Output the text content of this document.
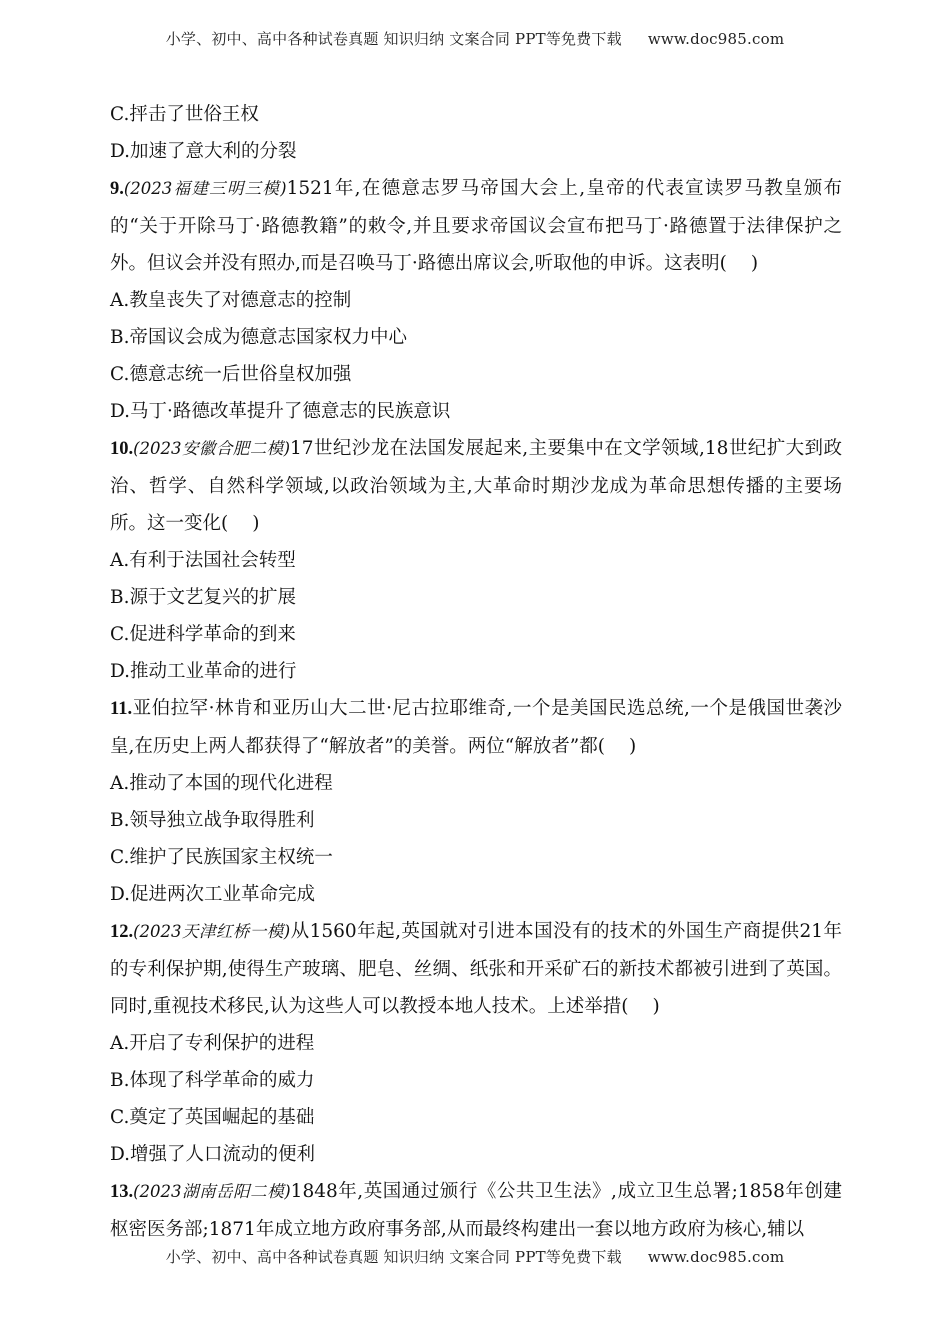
小学、初中、高中各种试卷真题 知识归纳 文案合同 PPT等免费下载 www.doc985.com
C.抨击了世俗王权
D.加速了意大利的分裂
9.(2023福建三明三模)1521年,在德意志罗马帝国大会上,皇帝的代表宣读罗马教皇颁布的“关于开除马丁·路德教籍”的敕令,并且要求帝国议会宣布把马丁·路德置于法律保护之外。但议会并没有照办,而是召唤马丁·路德出席议会,听取他的申诉。这表明( )
A.教皇丧失了对德意志的控制
B.帝国议会成为德意志国家权力中心
C.德意志统一后世俗皇权加强
D.马丁·路德改革提升了德意志的民族意识
10.(2023安徽合肥二模)17世纪沙龙在法国发展起来,主要集中在文学领域,18世纪扩大到政治、哲学、自然科学领域,以政治领域为主,大革命时期沙龙成为革命思想传播的主要场所。这一变化( )
A.有利于法国社会转型
B.源于文艺复兴的扩展
C.促进科学革命的到来
D.推动工业革命的进行
11.亚伯拉罕·林肯和亚历山大二世·尼古拉耶维奇,一个是美国民选总统,一个是俄国世袭沙皇,在历史上两人都获得了“解放者”的美誉。两位“解放者”都( )
A.推动了本国的现代化进程
B.领导独立战争取得胜利
C.维护了民族国家主权统一
D.促进两次工业革命完成
12.(2023天津红桥一模)从1560年起,英国就对引进本国没有的技术的外国生产商提供21年的专利保护期,使得生产玻璃、肥皂、丝绸、纸张和开采矿石的新技术都被引进到了英国。同时,重视技术移民,认为这些人可以教授本地人技术。上述举措( )
A.开启了专利保护的进程
B.体现了科学革命的威力
C.奠定了英国崛起的基础
D.增强了人口流动的便利
13.(2023湖南岳阳二模)1848年,英国通过颁行《公共卫生法》,成立卫生总署;1858年创建枢密医务部;1871年成立地方政府事务部,从而最终构建出一套以地方政府为核心,辅以
小学、初中、高中各种试卷真题 知识归纳 文案合同 PPT等免费下载 www.doc985.com
